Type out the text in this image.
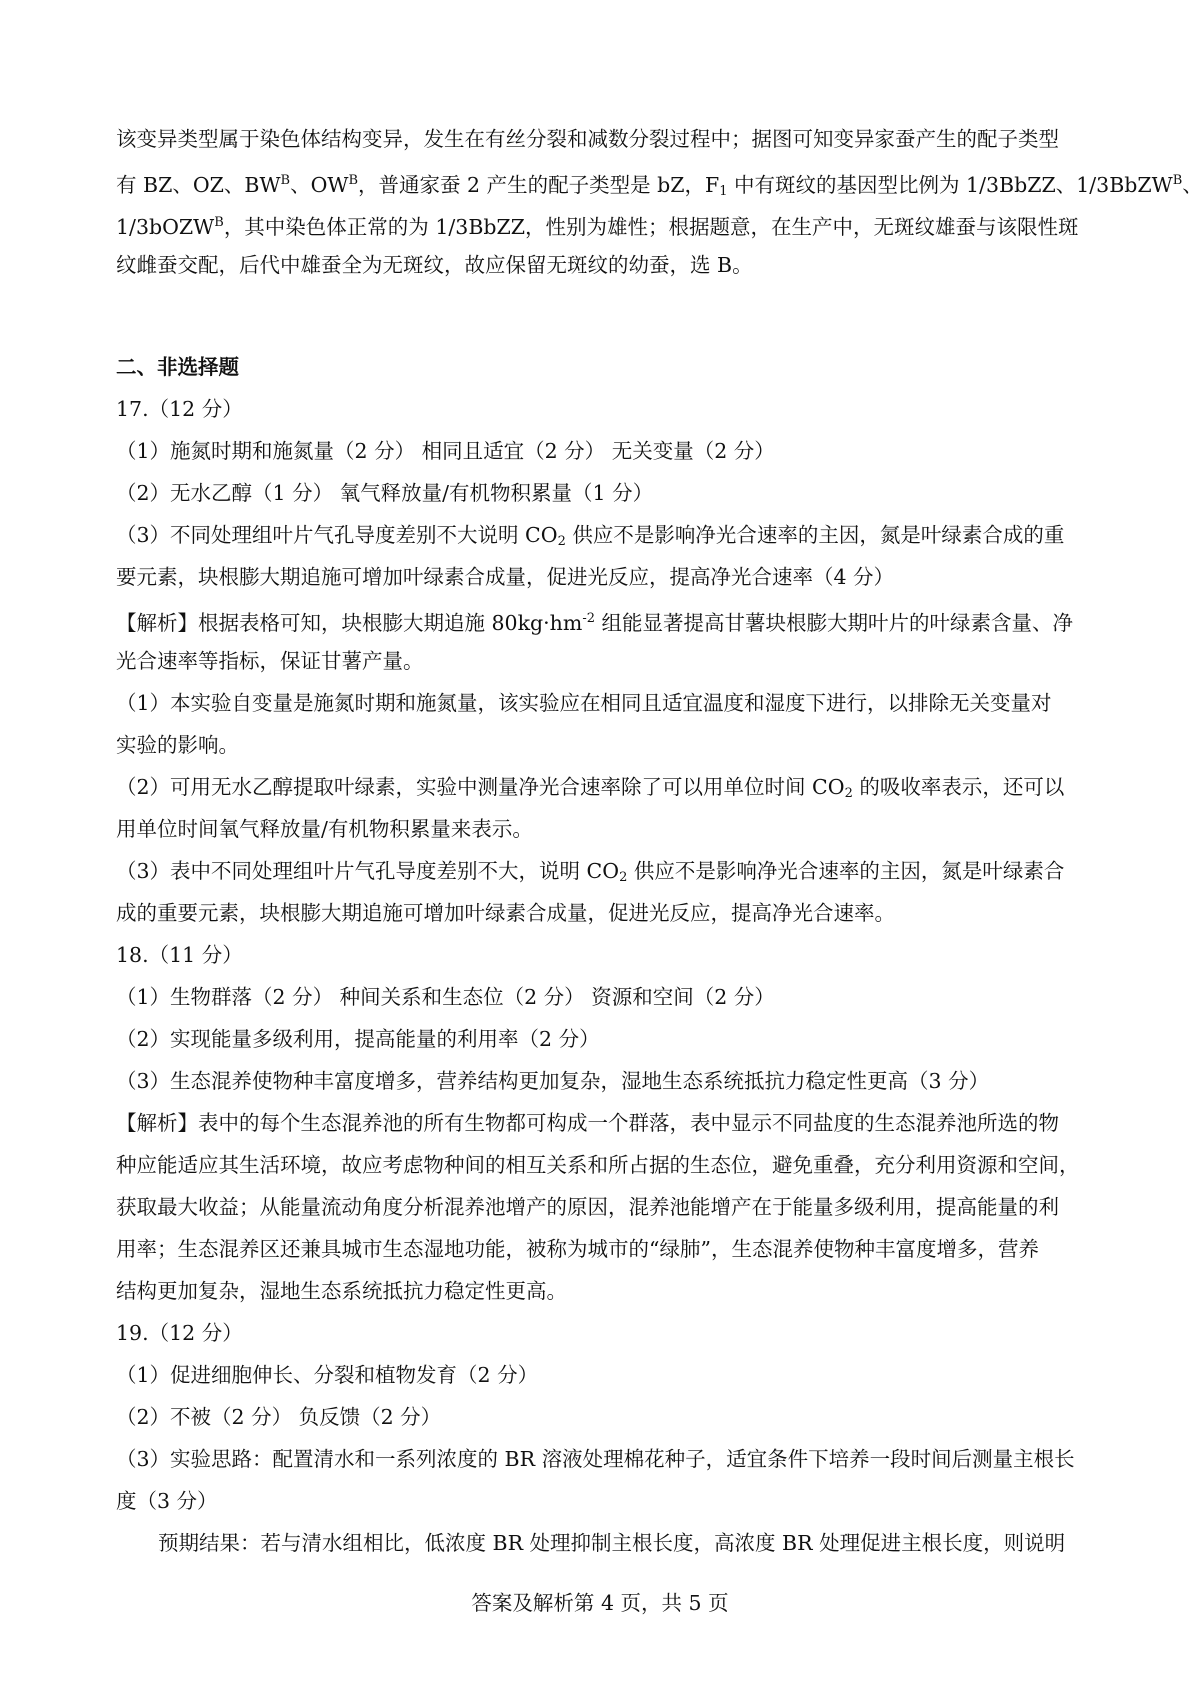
该变异类型属于染色体结构变异，发生在有丝分裂和减数分裂过程中；据图可知变异家蚕产生的配子类型
有 BZ、OZ、$BW^B$、$OW^B$，普通家蚕 2 产生的配子类型是 bZ，$F_1$ 中有斑纹的基因型比例为 1/3BbZZ、1/3BbZW$^B$、
1/3bOZW$^B$，其中染色体正常的为 1/3BbZZ，性别为雄性；根据题意，在生产中，无斑纹雄蚕与该限性斑
纹雌蚕交配，后代中雄蚕全为无斑纹，故应保留无斑纹的幼蚕，选 B。
二、非选择题
17.（12 分）
（1）施氮时期和施氮量（2 分） 相同且适宜（2 分） 无关变量（2 分）
（2）无水乙醇（1 分） 氧气释放量/有机物积累量（1 分）
（3）不同处理组叶片气孔导度差别不大说明 $CO_2$ 供应不是影响净光合速率的主因，氮是叶绿素合成的重
要元素，块根膨大期追施可增加叶绿素合成量，促进光反应，提高净光合速率（4 分）
【解析】根据表格可知，块根膨大期追施 $80kg\cdot hm^{-2}$ 组能显著提高甘薯块根膨大期叶片的叶绿素含量、净
光合速率等指标，保证甘薯产量。
（1）本实验自变量是施氮时期和施氮量，该实验应在相同且适宜温度和湿度下进行，以排除无关变量对
实验的影响。
（2）可用无水乙醇提取叶绿素，实验中测量净光合速率除了可以用单位时间 $CO_2$ 的吸收率表示，还可以
用单位时间氧气释放量/有机物积累量来表示。
（3）表中不同处理组叶片气孔导度差别不大，说明 $CO_2$ 供应不是影响净光合速率的主因，氮是叶绿素合
成的重要元素，块根膨大期追施可增加叶绿素合成量，促进光反应，提高净光合速率。
18.（11 分）
（1）生物群落（2 分） 种间关系和生态位（2 分） 资源和空间（2 分）
（2）实现能量多级利用，提高能量的利用率（2 分）
（3）生态混养使物种丰富度增多，营养结构更加复杂，湿地生态系统抵抗力稳定性更高（3 分）
【解析】表中的每个生态混养池的所有生物都可构成一个群落，表中显示不同盐度的生态混养池所选的物
种应能适应其生活环境，故应考虑物种间的相互关系和所占据的生态位，避免重叠，充分利用资源和空间，
获取最大收益；从能量流动角度分析混养池增产的原因，混养池能增产在于能量多级利用，提高能量的利
用率；生态混养区还兼具城市生态湿地功能，被称为城市的“绿肺”，生态混养使物种丰富度增多，营养
结构更加复杂，湿地生态系统抵抗力稳定性更高。
19.（12 分）
（1）促进细胞伸长、分裂和植物发育（2 分）
（2）不被（2 分） 负反馈（2 分）
（3）实验思路：配置清水和一系列浓度的 BR 溶液处理棉花种子，适宜条件下培养一段时间后测量主根长
度（3 分）
预期结果：若与清水组相比，低浓度 BR 处理抑制主根长度，高浓度 BR 处理促进主根长度，则说明
答案及解析第 4 页，共 5 页
